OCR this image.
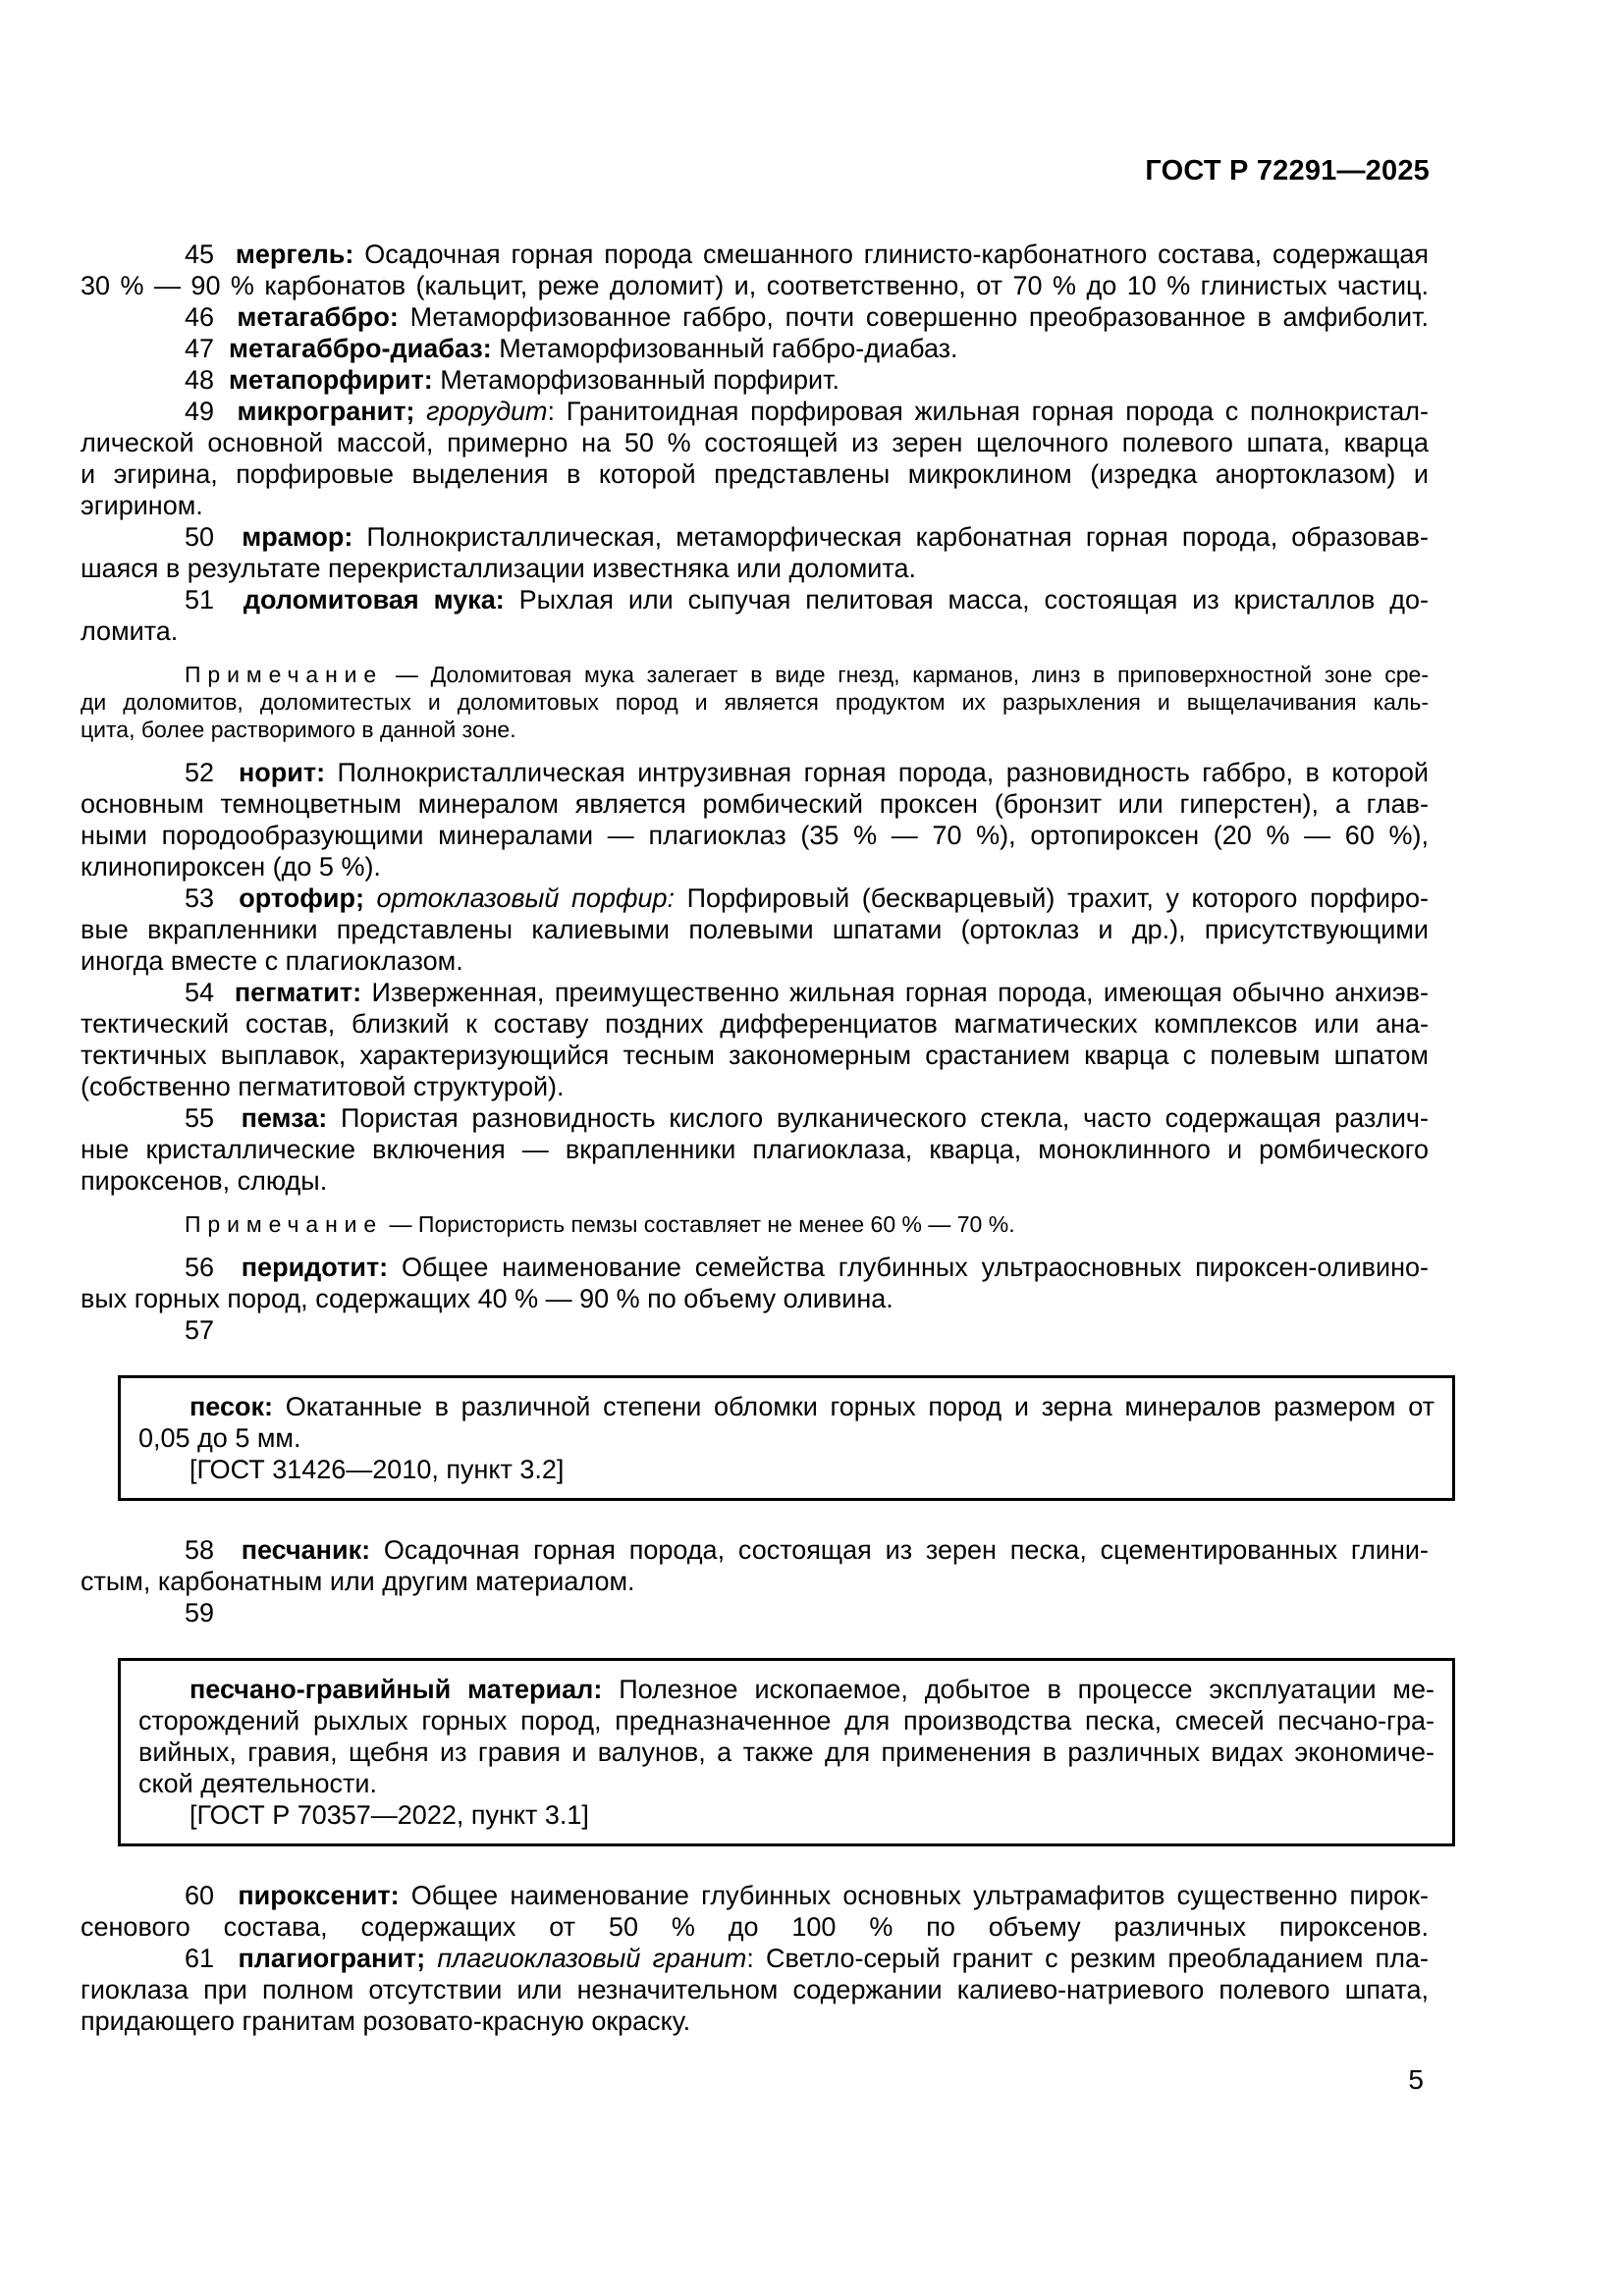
ГОСТ Р 72291—2025
45  мергель: Осадочная горная порода смешанного глинисто-карбонатного состава, содержащая
30 % — 90 % карбонатов (кальцит, реже доломит) и, соответственно, от 70 % до 10 % глинистых частиц.
46  метагаббро: Метаморфизованное габбро, почти совершенно преобразованное в амфиболит.
47  метагаббро-диабаз: Метаморфизованный габбро-диабаз.
48  метапорфирит: Метаморфизованный порфирит.
49  микрогранит; грорудит: Гранитоидная порфировая жильная горная порода с полнокристал-
лической основной массой, примерно на 50 % состоящей из зерен щелочного полевого шпата, кварца
и эгирина, порфировые выделения в которой представлены микроклином (изредка анортоклазом) и
эгирином.
50  мрамор: Полнокристаллическая, метаморфическая карбонатная горная порода, образовав-
шаяся в результате перекристаллизации известняка или доломита.
51  доломитовая мука: Рыхлая или сыпучая пелитовая масса, состоящая из кристаллов до-
ломита.
Примечание — Доломитовая мука залегает в виде гнезд, карманов, линз в приповерхностной зоне сре-
ди доломитов, доломитестых и доломитовых пород и является продуктом их разрыхления и выщелачивания каль-
цита, более растворимого в данной зоне.
52  норит: Полнокристаллическая интрузивная горная порода, разновидность габбро, в которой
основным темноцветным минералом является ромбический проксен (бронзит или гиперстен), а глав-
ными породообразующими минералами — плагиоклаз (35 % — 70 %), ортопироксен (20 % — 60 %),
клинопироксен (до 5 %).
53  ортофир; ортоклазовый порфир: Порфировый (бескварцевый) трахит, у которого порфиро-
вые вкрапленники представлены калиевыми полевыми шпатами (ортоклаз и др.), присутствующими
иногда вместе с плагиоклазом.
54  пегматит: Изверженная, преимущественно жильная горная порода, имеющая обычно анхиэв-
тектический состав, близкий к составу поздних дифференциатов магматических комплексов или ана-
тектичных выплавок, характеризующийся тесным закономерным срастанием кварца с полевым шпатом
(собственно пегматитовой структурой).
55  пемза: Пористая разновидность кислого вулканического стекла, часто содержащая различ-
ные кристаллические включения — вкрапленники плагиоклаза, кварца, моноклинного и ромбического
пироксенов, слюды.
Примечание — Пористористь пемзы составляет не менее 60 % — 70 %.
56  перидотит: Общее наименование семейства глубинных ультраосновных пироксен-оливино-
вых горных пород, содержащих 40 % — 90 % по объему оливина.
57
песок: Окатанные в различной степени обломки горных пород и зерна минералов размером от
0,05 до 5 мм.
[ГОСТ 31426—2010, пункт 3.2]
58  песчаник: Осадочная горная порода, состоящая из зерен песка, сцементированных глини-
стым, карбонатным или другим материалом.
59
песчано-гравийный материал: Полезное ископаемое, добытое в процессе эксплуатации ме-
сторождений рыхлых горных пород, предназначенное для производства песка, смесей песчано-гра-
вийных, гравия, щебня из гравия и валунов, а также для применения в различных видах экономиче-
ской деятельности.
[ГОСТ Р 70357—2022, пункт 3.1]
60  пироксенит: Общее наименование глубинных основных ультрамафитов существенно пирок-
сенового состава, содержащих от 50 % до 100 % по объему различных пироксенов.
61  плагиогранит; плагиоклазовый гранит: Светло-серый гранит с резким преобладанием пла-
гиоклаза при полном отсутствии или незначительном содержании калиево-натриевого полевого шпата,
придающего гранитам розовато-красную окраску.
5
